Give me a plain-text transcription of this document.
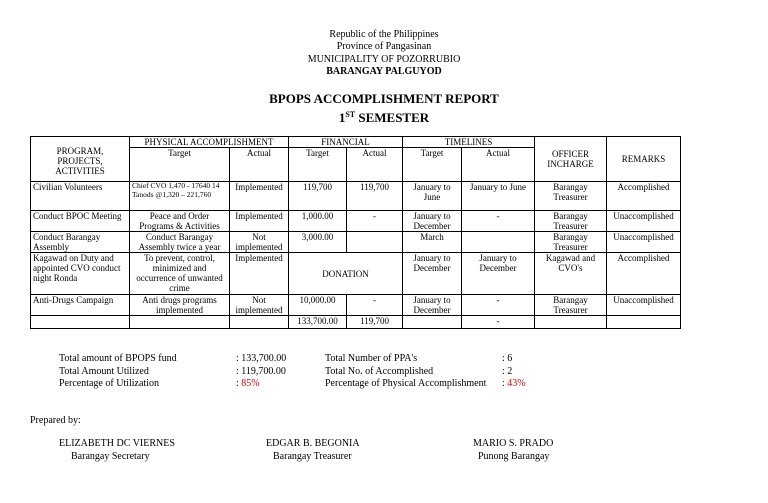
Republic of the Philippines
Province of Pangasinan
MUNICIPALITY OF POZORRUBIO
BARANGAY PALGUYOD
BPOPS ACCOMPLISHMENT REPORT
1ST SEMESTER
PROGRAM, PROJECTS, ACTIVITIES	PHYSICAL ACCOMPLISHMENT		FINANCIAL		TIMELINES		OFFICER INCHARGE	REMARKS
	Target	Actual	Target	Actual	Target	Actual		
Civilian Volunteers	Chief CVO 1,470 - 17640 14 Tanods @1,320 – 221,760	Implemented	119,700	119,700	January to June	January to June	Barangay Treasurer	Accomplished
Conduct BPOC Meeting	Peace and Order Programs & Activities	Implemented	1,000.00	-	January to December	-	Barangay Treasurer	Unaccomplished
Conduct Barangay Assembly	Conduct Barangay Assembly twice a year	Not implemented	3,000.00		March		Barangay Treasurer	Unaccomplished
Kagawad on Duty and appointed CVO conduct night Ronda	To prevent, control, minimized and occurrence of unwanted crime	Implemented	DONATION		January to December	January to December	Kagawad and CVO's	Accomplished
Anti-Drugs Campaign	Anti drugs programs implemented	Not implemented	10,000.00	-	January to December	-	Barangay Treasurer	Unaccomplished
			133,700.00	119,700		-		
Total amount of BPOPS fund	: 133,700.00
Total Amount Utilized	: 119,700.00
Percentage of Utilization	: 85%
Total Number of PPA's	: 6
Total No. of Accomplished	: 2
Percentage of Physical Accomplishment : 43%
Prepared by:
ELIZABETH DC VIERNES
Barangay Secretary
EDGAR B. BEGONIA
Barangay Treasurer
MARIO S. PRADO
Punong Barangay
